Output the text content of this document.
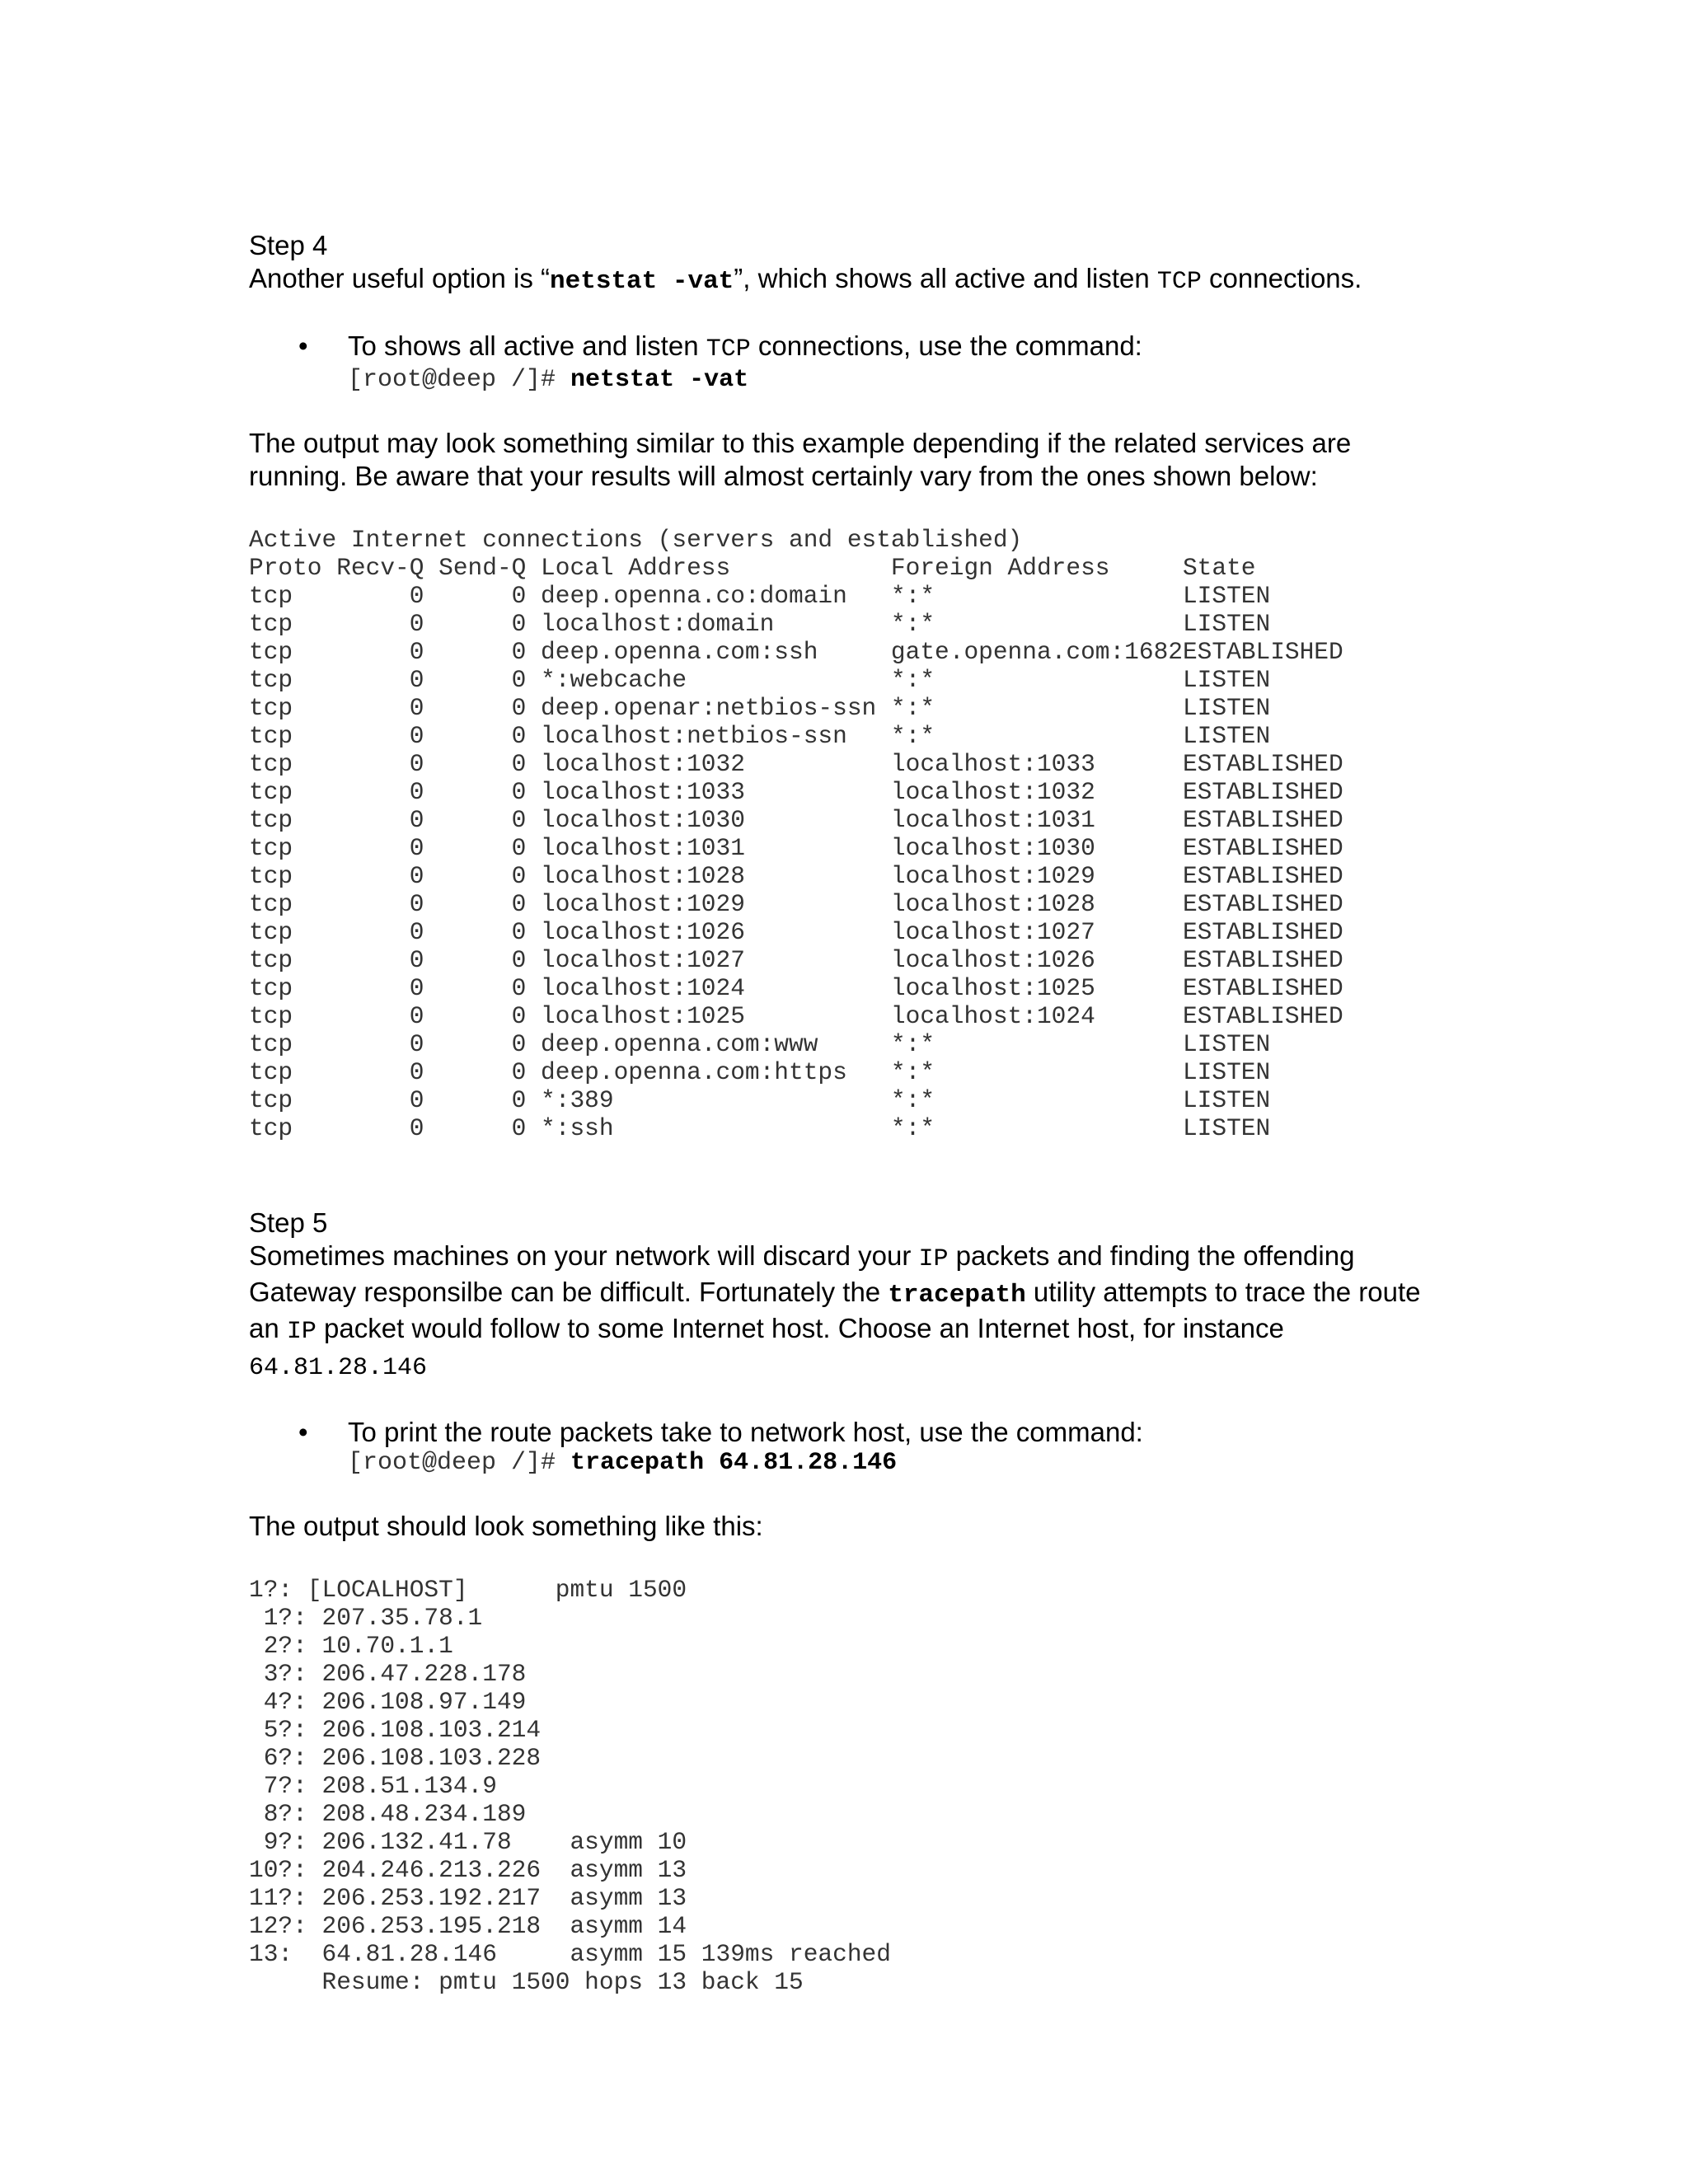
Step 4

Another useful option is “netstat -vat”, which shows all active and listen TCP connections.

• To shows all active and listen TCP connections, use the command:

[root@deep /]# netstat -vat

The output may look something similar to this example depending if the related services are running. Be aware that your results will almost certainly vary from the ones shown below:

Active Internet connections (servers and established)
Proto Recv-Q Send-Q Local Address           Foreign Address     State
tcp        0      0 deep.openna.co:domain   *:*                 LISTEN
tcp        0      0 localhost:domain        *:*                 LISTEN
tcp        0      0 deep.openna.com:ssh     gate.openna.com:1682ESTABLISHED
tcp        0      0 *:webcache              *:*                 LISTEN
tcp        0      0 deep.openar:netbios-ssn *:*                 LISTEN
tcp        0      0 localhost:netbios-ssn   *:*                 LISTEN
tcp        0      0 localhost:1032          localhost:1033      ESTABLISHED
tcp        0      0 localhost:1033          localhost:1032      ESTABLISHED
tcp        0      0 localhost:1030          localhost:1031      ESTABLISHED
tcp        0      0 localhost:1031          localhost:1030      ESTABLISHED
tcp        0      0 localhost:1028          localhost:1029      ESTABLISHED
tcp        0      0 localhost:1029          localhost:1028      ESTABLISHED
tcp        0      0 localhost:1026          localhost:1027      ESTABLISHED
tcp        0      0 localhost:1027          localhost:1026      ESTABLISHED
tcp        0      0 localhost:1024          localhost:1025      ESTABLISHED
tcp        0      0 localhost:1025          localhost:1024      ESTABLISHED
tcp        0      0 deep.openna.com:www     *:*                 LISTEN
tcp        0      0 deep.openna.com:https   *:*                 LISTEN
tcp        0      0 *:389                   *:*                 LISTEN
tcp        0      0 *:ssh                   *:*                 LISTEN

Step 5

Sometimes machines on your network will discard your IP packets and finding the offending Gateway responsilbe can be difficult. Fortunately the tracepath utility attempts to trace the route an IP packet would follow to some Internet host. Choose an Internet host, for instance 64.81.28.146

• To print the route packets take to network host, use the command:

[root@deep /]# tracepath 64.81.28.146

The output should look something like this:

1?: [LOCALHOST]      pmtu 1500
1?: 207.35.78.1
2?: 10.70.1.1
3?: 206.47.228.178
4?: 206.108.97.149
5?: 206.108.103.214
6?: 206.108.103.228
7?: 208.51.134.9
8?: 208.48.234.189
9?: 206.132.41.78    asymm 10
10?: 204.246.213.226  asymm 13
11?: 206.253.192.217  asymm 13
12?: 206.253.195.218  asymm 14
13:  64.81.28.146     asymm 15 139ms reached
Resume: pmtu 1500 hops 13 back 15
